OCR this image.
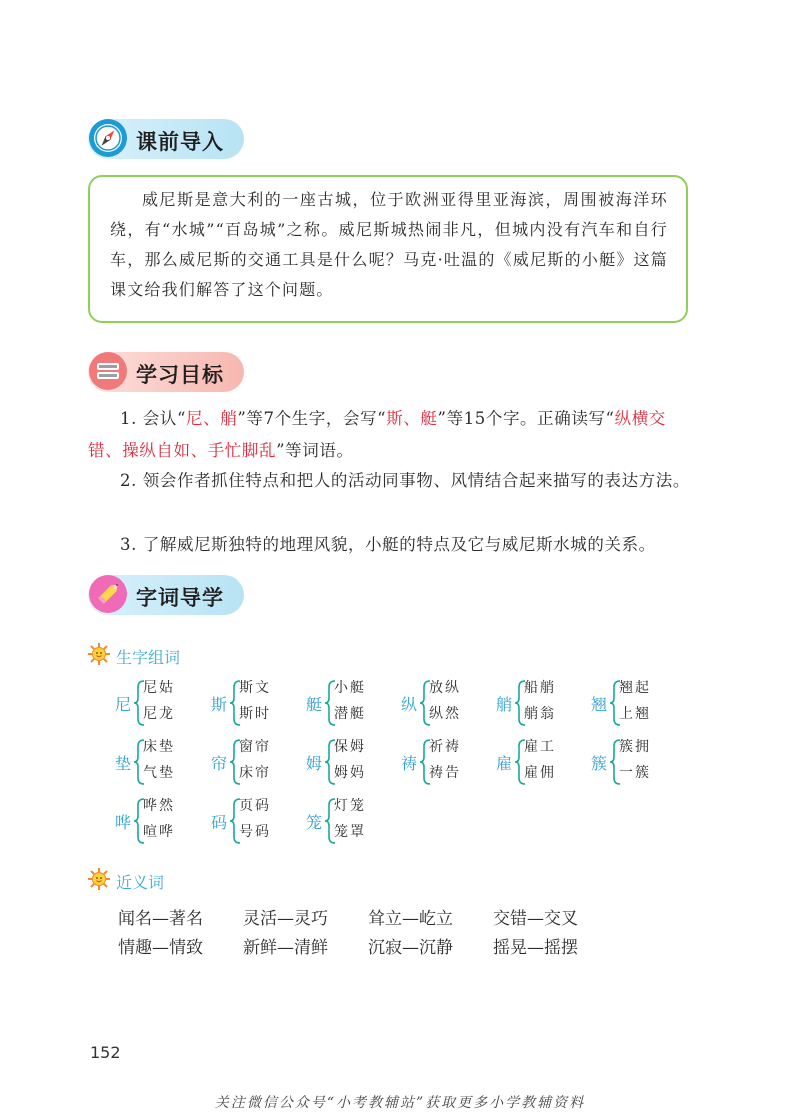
课前导入
威尼斯是意大利的一座古城，位于欧洲亚得里亚海滨，周围被海洋环绕，有“水城”“百岛城”之称。威尼斯城热闹非凡，但城内没有汽车和自行车，那么威尼斯的交通工具是什么呢？马克·吐温的《威尼斯的小艇》这篇课文给我们解答了这个问题。
学习目标
1. 会认“尼、艄”等7个生字，会写“斯、艇”等15个字。正确读写“纵横交错、操纵自如、手忙脚乱”等词语。
2. 领会作者抓住特点和把人的活动同事物、风情结合起来描写的表达方法。
3. 了解威尼斯独特的地理风貌，小艇的特点及它与威尼斯水城的关系。
字词导学
生字组词
尼
尼姑
尼龙 斯
斯文
斯时 艇
小艇
潜艇 纵
放纵
纵然 艄
船艄
艄翁 翘
翘起
上翘
垫
床垫
气垫 帘
窗帘
床帘 姆
保姆
姆妈 祷
祈祷
祷告 雇
雇工
雇佣 簇
簇拥
一簇
哗
哗然
喧哗 码
页码
号码 笼
灯笼
笼罩
近义词
闻名—著名 灵活—灵巧 耸立—屹立 交错—交叉
情趣—情致 新鲜—清鲜 沉寂—沉静 摇晃—摇摆
152
关注微信公众号“小考教辅站”获取更多小学教辅资料
